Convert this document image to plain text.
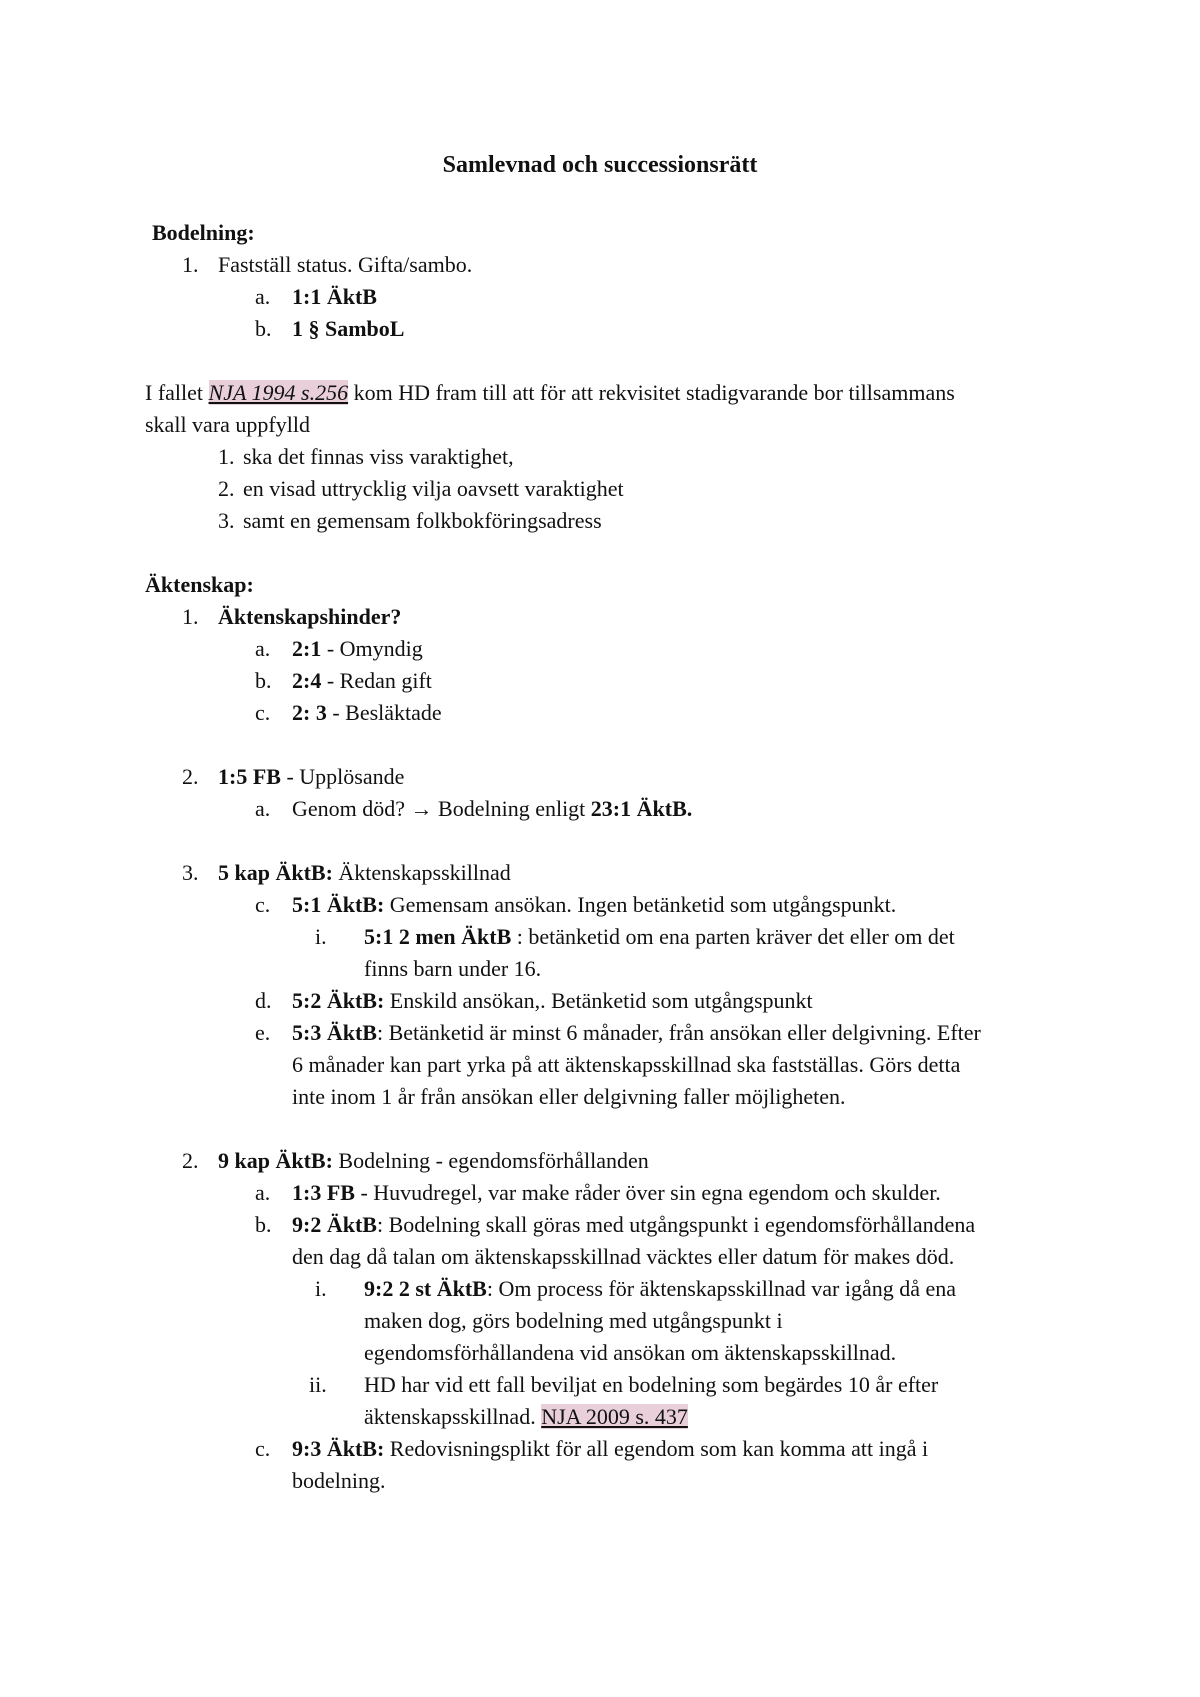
Samlevnad och successionsrätt
Bodelning:
1. Fastställ status. Gifta/sambo.
a. 1:1 ÄktB
b. 1 § SamboL
I fallet NJA 1994 s.256 kom HD fram till att för att rekvisitet stadigvarande bor tillsammans
skall vara uppfylld
1. ska det finnas viss varaktighet,
2. en visad uttrycklig vilja oavsett varaktighet
3. samt en gemensam folkbokföringsadress
Äktenskap:
1. Äktenskapshinder?
a. 2:1 - Omyndig
b. 2:4 - Redan gift
c. 2: 3 - Besläktade
2. 1:5 FB - Upplösande
a. Genom död? → Bodelning enligt 23:1 ÄktB.
3. 5 kap ÄktB: Äktenskapsskillnad
c. 5:1 ÄktB: Gemensam ansökan. Ingen betänketid som utgångspunkt.
i. 5:1 2 men ÄktB : betänketid om ena parten kräver det eller om det
finns barn under 16.
d. 5:2 ÄktB: Enskild ansökan,. Betänketid som utgångspunkt
e. 5:3 ÄktB: Betänketid är minst 6 månader, från ansökan eller delgivning. Efter
6 månader kan part yrka på att äktenskapsskillnad ska fastställas. Görs detta
inte inom 1 år från ansökan eller delgivning faller möjligheten.
2. 9 kap ÄktB: Bodelning - egendomsförhållanden
a. 1:3 FB - Huvudregel, var make råder över sin egna egendom och skulder.
b. 9:2 ÄktB: Bodelning skall göras med utgångspunkt i egendomsförhållandena
den dag då talan om äktenskapsskillnad väcktes eller datum för makes död.
i. 9:2 2 st ÄktB: Om process för äktenskapsskillnad var igång då ena
maken dog, görs bodelning med utgångspunkt i
egendomsförhållandena vid ansökan om äktenskapsskillnad.
ii. HD har vid ett fall beviljat en bodelning som begärdes 10 år efter
äktenskapsskillnad. NJA 2009 s. 437
c. 9:3 ÄktB: Redovisningsplikt för all egendom som kan komma att ingå i
bodelning.
